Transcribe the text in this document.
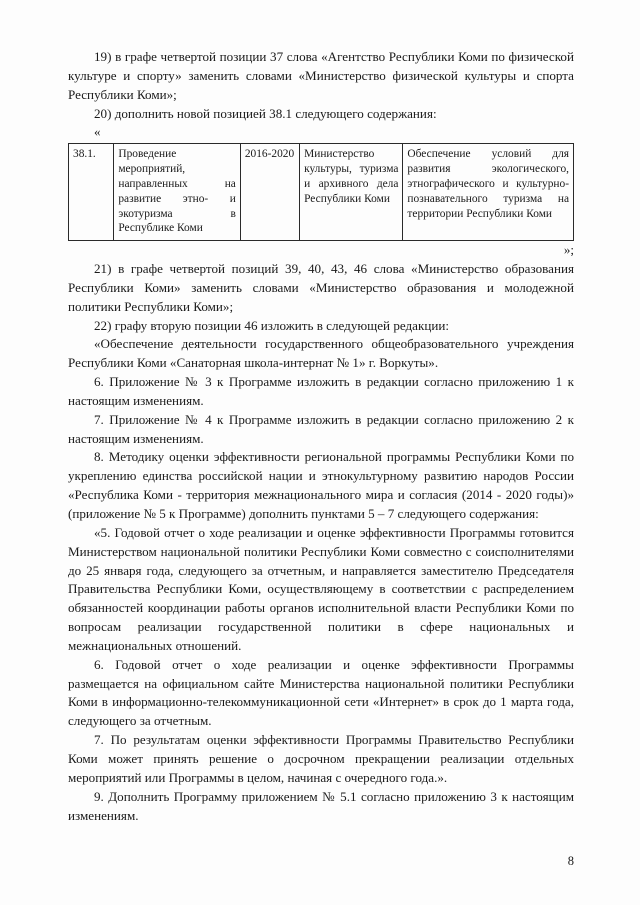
19) в графе четвертой позиции 37 слова «Агентство Республики Коми по физической культуре и спорту» заменить словами «Министерство физической культуры и спорта Республики Коми»;

20) дополнить новой позицией 38.1 следующего содержания:

«

38.1.	Проведение мероприятий, направленных на развитие этно- и экотуризма в Республике Коми	2016-2020	Министерство культуры, туризма и архивного дела Республики Коми	Обеспечение условий для развития экологического, этнографического и культурно-познавательного туризма на территории Республики Коми

»;

21) в графе четвертой позиций 39, 40, 43, 46 слова «Министерство образования Республики Коми» заменить словами «Министерство образования и молодежной политики Республики Коми»;

22) графу вторую позиции 46 изложить в следующей редакции:

«Обеспечение деятельности государственного общеобразовательного учреждения Республики Коми «Санаторная школа-интернат № 1» г. Воркуты».

6. Приложение № 3 к Программе изложить в редакции согласно приложению 1 к настоящим изменениям.

7. Приложение № 4 к Программе изложить в редакции согласно приложению 2 к настоящим изменениям.

8. Методику оценки эффективности региональной программы Республики Коми по укреплению единства российской нации и этнокультурному развитию народов России «Республика Коми - территория межнационального мира и согласия (2014 - 2020 годы)» (приложение № 5 к Программе) дополнить пунктами 5 – 7 следующего содержания:

«5. Годовой отчет о ходе реализации и оценке эффективности Программы готовится Министерством национальной политики Республики Коми совместно с соисполнителями до 25 января года, следующего за отчетным, и направляется заместителю Председателя Правительства Республики Коми, осуществляющему в соответствии с распределением обязанностей координации работы органов исполнительной власти Республики Коми по вопросам реализации государственной политики в сфере национальных и межнациональных отношений.

6. Годовой отчет о ходе реализации и оценке эффективности Программы размещается на официальном сайте Министерства национальной политики Республики Коми в информационно-телекоммуникационной сети «Интернет» в срок до 1 марта года, следующего за отчетным.

7. По результатам оценки эффективности Программы Правительство Республики Коми может принять решение о досрочном прекращении реализации отдельных мероприятий или Программы в целом, начиная с очередного года.».

9. Дополнить Программу приложением № 5.1 согласно приложению 3 к настоящим изменениям.

8
